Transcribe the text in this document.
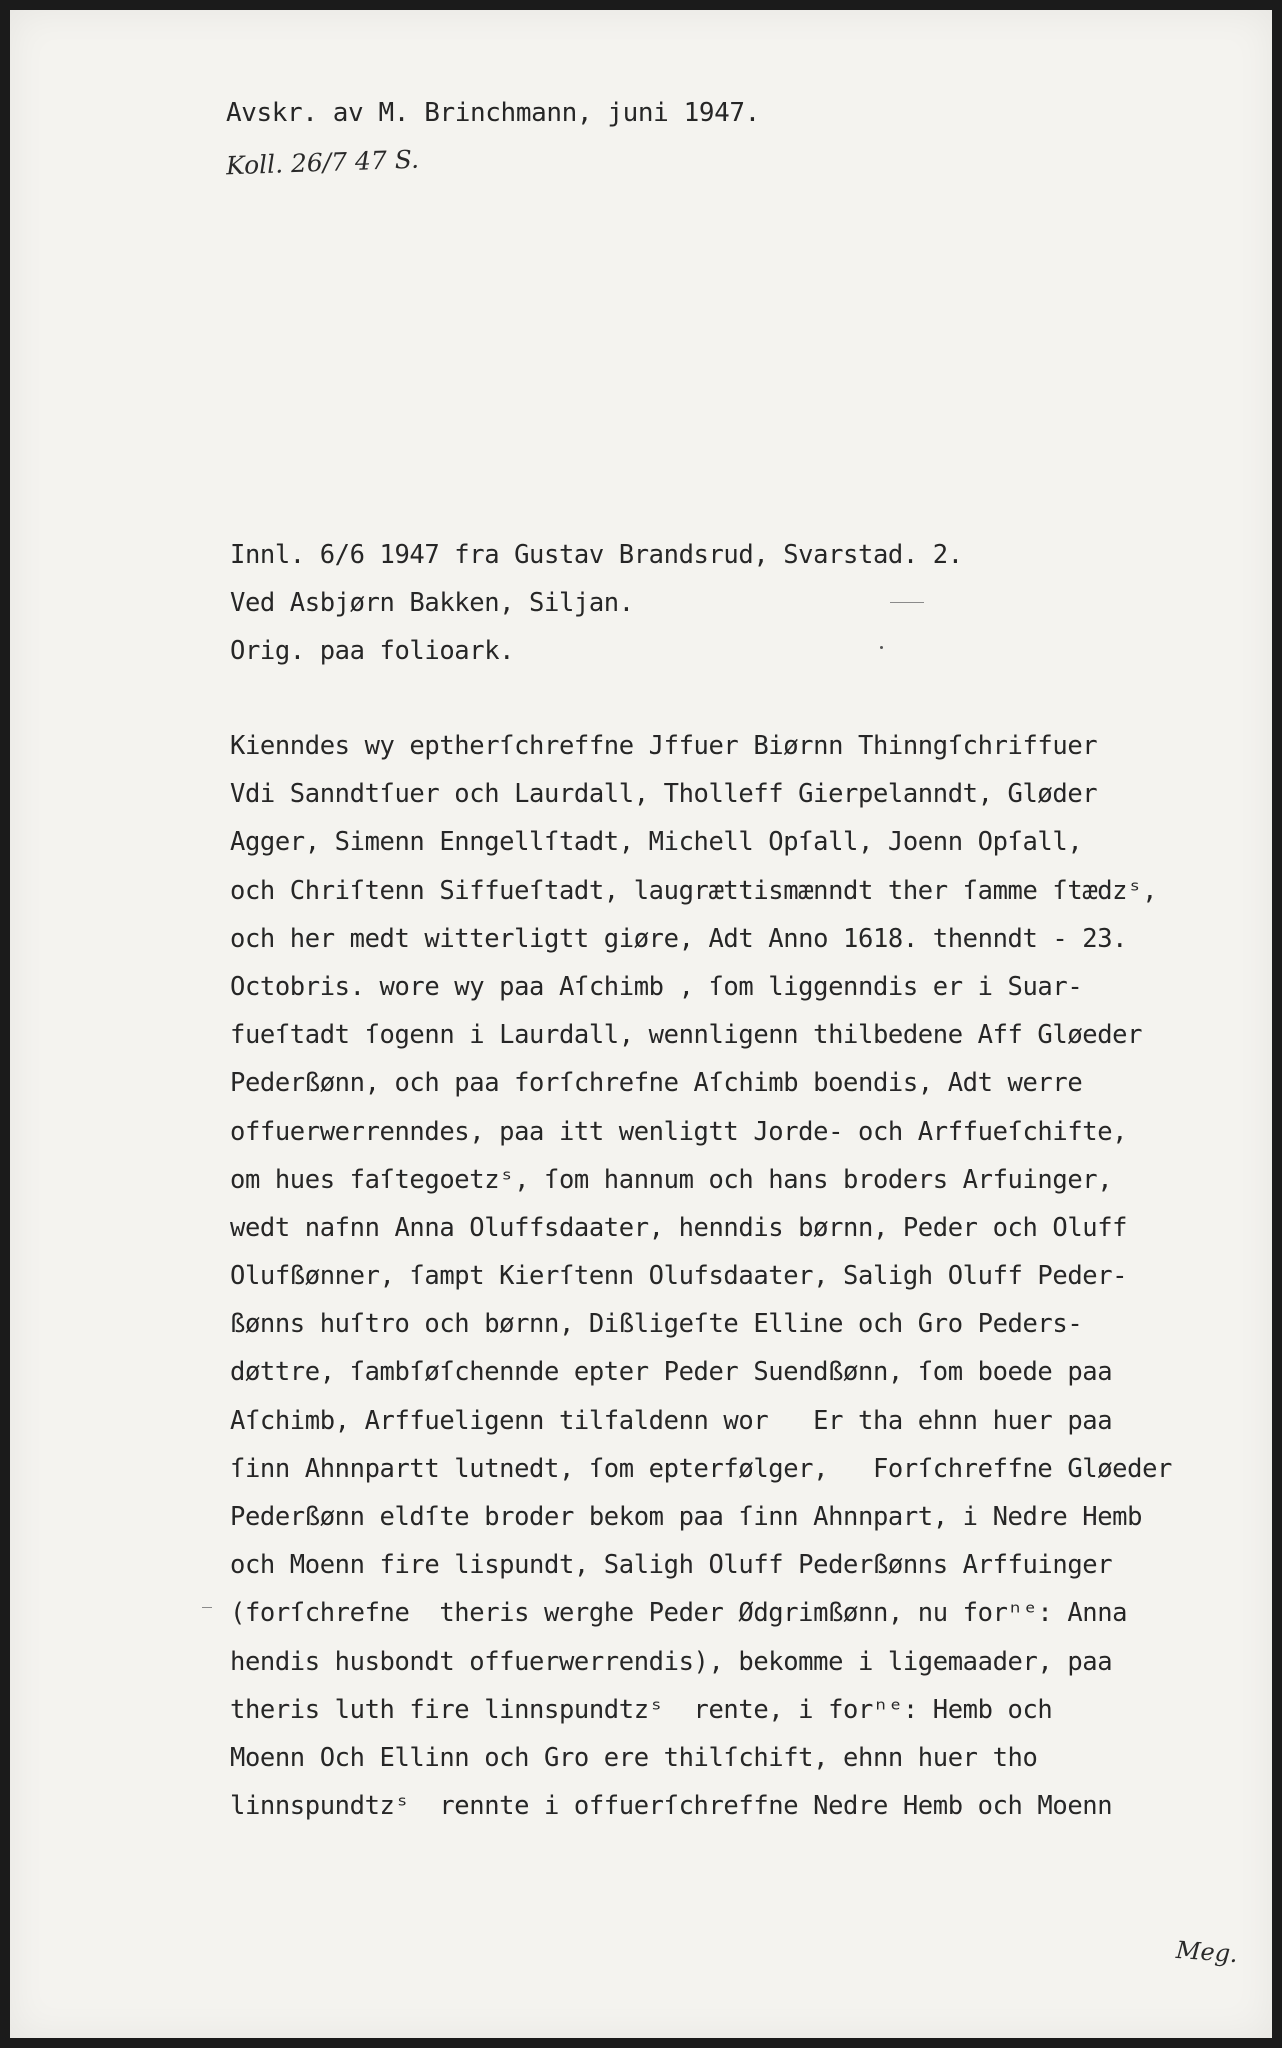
Avskr. av M. Brinchmann, juni 1947.

Koll. 26/7 47 S.

Innl. 6/6 1947 fra Gustav Brandsrud, Svarstad. 2.

Ved Asbjørn Bakken, Siljan.

Orig. paa folioark.

Kienndes wy eptherſchreffne Jffuer Biørnn Thinngſchriffuer
Vdi Sanndtſuer och Laurdall, Tholleff Gierpelanndt, Gløder
Agger, Simenn Enngellſtadt, Michell Opſall, Joenn Opſall,
och Chriſtenn Siffueſtadt, laugrættismænndt ther ſamme ſtædzˢ,
och her medt witterligtt giøre, Adt Anno 1618. thenndt - 23.
Octobris. wore wy paa Aſchimb , ſom liggenndis er i Suar-
fueſtadt ſogenn i Laurdall, wennligenn thilbedene Aff Gløeder
Pederßønn, och paa forſchrefne Aſchimb boendis, Adt werre
offuerwerrenndes, paa itt wenligtt Jorde- och Arffueſchifte,
om hues faſtegoetzˢ, ſom hannum och hans broders Arfuinger,
wedt nafnn Anna Oluffsdaater, henndis børnn, Peder och Oluff
Olufßønner, ſampt Kierſtenn Olufsdaater, Saligh Oluff Peder-
ßønns huſtro och børnn, Dißligeſte Elline och Gro Peders-
døttre, ſambſøſchennde epter Peder Suendßønn, ſom boede paa
Aſchimb, Arffueligenn tilfaldenn wor   Er tha ehnn huer paa
ſinn Ahnnpartt lutnedt, ſom epterfølger,   Forſchreffne Gløeder
Pederßønn eldſte broder bekom paa ſinn Ahnnpart, i Nedre Hemb
och Moenn fire lispundt, Saligh Oluff Pederßønns Arffuinger
(forſchrefne  theris werghe Peder Ødgrimßønn, nu forⁿᵉ: Anna
hendis husbondt offuerwerrendis), bekomme i ligemaader, paa
theris luth fire linnspundtzˢ  rente, i forⁿᵉ: Hemb och
Moenn Och Ellinn och Gro ere thilſchift, ehnn huer tho
linnspundtzˢ  rennte i offuerſchreffne Nedre Hemb och Moenn
Meg.
